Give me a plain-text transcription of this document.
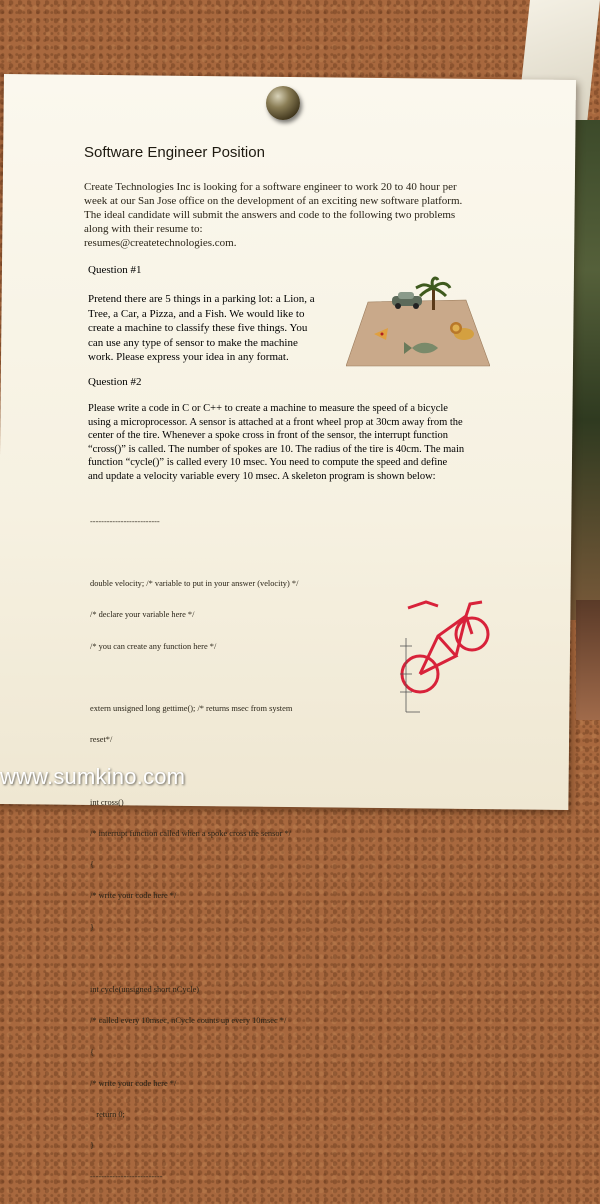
Software Engineer Position
Create Technologies Inc is looking for a software engineer to work 20 to 40 hour per
week at our San Jose office on the development of an exciting new software platform.
The ideal candidate will submit the answers and code to the following two problems
along with their resume to:
resumes@createtechnologies.com.
Question #1
Pretend there are 5 things in a parking lot: a Lion, a
Tree, a Car, a Pizza, and a Fish. We would like to
create a machine to classify these five things. You
can use any type of sensor to make the machine
work. Please express your idea in any format.
Question #2
Please write a code in C or C++ to create a machine to measure the speed of a bicycle
using a microprocessor. A sensor is attached at a front wheel prop at 30cm away from the
center of the tire. Whenever a spoke cross in front of the sensor, the interrupt function
“cross()” is called. The number of spokes are 10. The radius of the tire is 40cm. The main
function “cycle()” is called every 10 msec. You need to compute the speed and define
and update a velocity variable every 10 msec. A skeleton program is shown below:

-------------------------

double velocity; /* variable to put in your answer (velocity) */

/* declare your variable here */

/* you can create any function here */

extern unsigned long gettime(); /* returns msec from system

reset*/

int cross()

/* interrupt function called when a spoke cross the sensor */

{

/* write your code here */

}

int cycle(unsigned short nCycle)

/* called every 10msec, nCycle counts up every 10msec */

{

/* write your code here */

return 0;

}

--------------------------

www.sumkino.com
